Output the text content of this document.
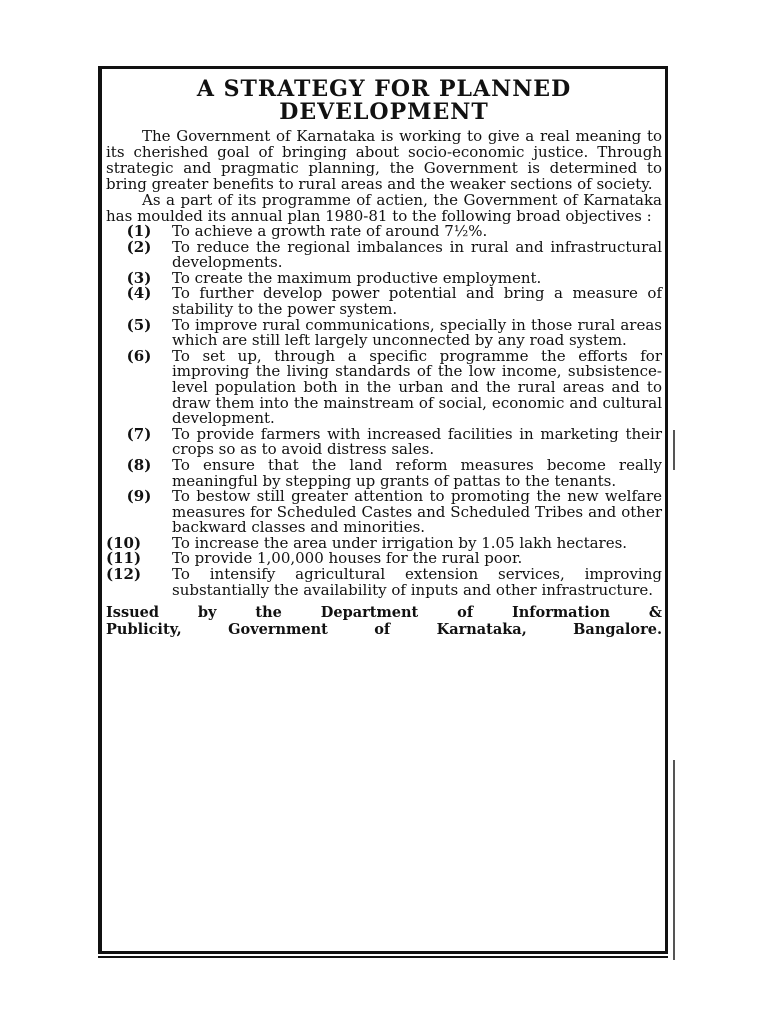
A STRATEGY FOR PLANNED DEVELOPMENT

The Government of Karnataka is working to give a real meaning to its cherished goal of bringing about socio-economic justice. Through strategic and pragmatic planning, the Government is determined to bring greater benefits to rural areas and the weaker sections of society.

As a part of its programme of actien, the Government of Karnataka has moulded its annual plan 1980-81 to the following broad objectives :

(1)	To achieve a growth rate of around 7½%.
(2)	To reduce the regional imbalances in rural and infrastructural developments.
(3)	To create the maximum productive employment.
(4)	To further develop power potential and bring a measure of stability to the power system.
(5)	To improve rural communications, specially in those rural areas which are still left largely unconnected by any road system.
(6)	To set up, through a specific programme the efforts for improving the living standards of the low income, subsistence-level population both in the urban and the rural areas and to draw them into the mainstream of social, economic and cultural development.
(7)	To provide farmers with increased facilities in marketing their crops so as to avoid distress sales.
(8)	To ensure that the land reform measures become really meaningful by stepping up grants of pattas to the tenants.
(9)	To bestow still greater attention to promoting the new welfare measures for Scheduled Castes and Scheduled Tribes and other backward classes and minorities.
(10)	To increase the area under irrigation by 1.05 lakh hectares.
(11)	To provide 1,00,000 houses for the rural poor.
(12)	To intensify agricultural extension services, improving substantially the availability of inputs and other infrastructure.

Issued by the Department of Information &
Publicity, Government of Karnataka, Bangalore.
